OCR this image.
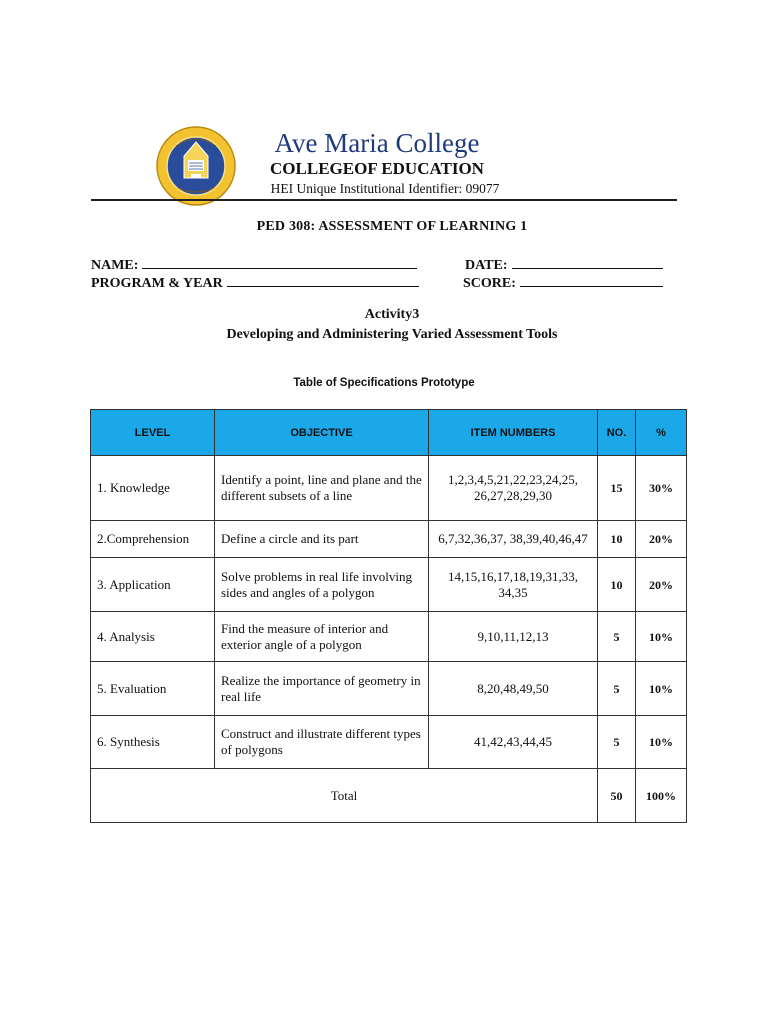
Ave Maria College
COLLEGEOF EDUCATION
HEI Unique Institutional Identifier: 09077
PED 308: ASSESSMENT OF LEARNING 1
NAME:	DATE:
PROGRAM & YEAR	SCORE:
Activity3
Developing and Administering Varied Assessment Tools
Table of Specifications Prototype
LEVEL	OBJECTIVE	ITEM NUMBERS	NO.	%
1. Knowledge	Identify a point, line and plane and the different subsets of a line	1,2,3,4,5,21,22,23,24,25, 26,27,28,29,30	15	30%
2.Comprehension	Define a circle and its part	6,7,32,36,37, 38,39,40,46,47	10	20%
3. Application	Solve problems in real life involving sides and angles of a polygon	14,15,16,17,18,19,31,33, 34,35	10	20%
4. Analysis	Find the measure of interior and exterior angle of a polygon	9,10,11,12,13	5	10%
5. Evaluation	Realize the importance of geometry in real life	8,20,48,49,50	5	10%
6. Synthesis	Construct and illustrate different types of polygons	41,42,43,44,45	5	10%
Total			50	100%
